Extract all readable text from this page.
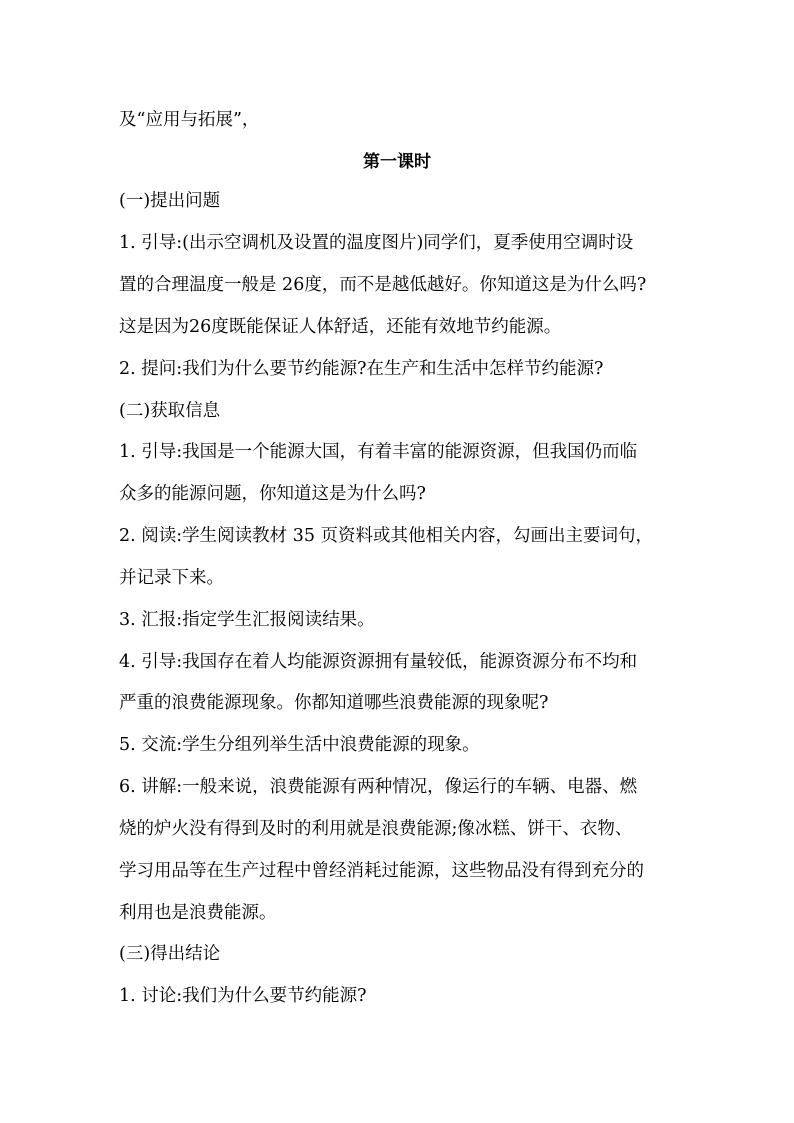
及“应用与拓展”，
第一课时
(一)提出问题
1. 引导:(出示空调机及设置的温度图片)同学们，夏季使用空调时设
置的合理温度一般是 26度，而不是越低越好。你知道这是为什么吗?
这是因为26度既能保证人体舒适，还能有效地节约能源。
2. 提问:我们为什么要节约能源?在生产和生活中怎样节约能源?
(二)获取信息
1. 引导:我国是一个能源大国，有着丰富的能源资源，但我国仍而临
众多的能源问题，你知道这是为什么吗?
2. 阅读:学生阅读教材 35 页资料或其他相关内容，勾画出主要词句，
并记录下来。
3. 汇报:指定学生汇报阅读结果。
4. 引导:我国存在着人均能源资源拥有量较低，能源资源分布不均和
严重的浪费能源现象。你都知道哪些浪费能源的现象呢?
5. 交流:学生分组列举生活中浪费能源的现象。
6. 讲解:一般来说，浪费能源有两种情况，像运行的车辆、电器、燃
烧的炉火没有得到及时的利用就是浪费能源;像冰糕、饼干、衣物、
学习用品等在生产过程中曾经消耗过能源，这些物品没有得到充分的
利用也是浪费能源。
(三)得出结论
1. 讨论:我们为什么要节约能源?
